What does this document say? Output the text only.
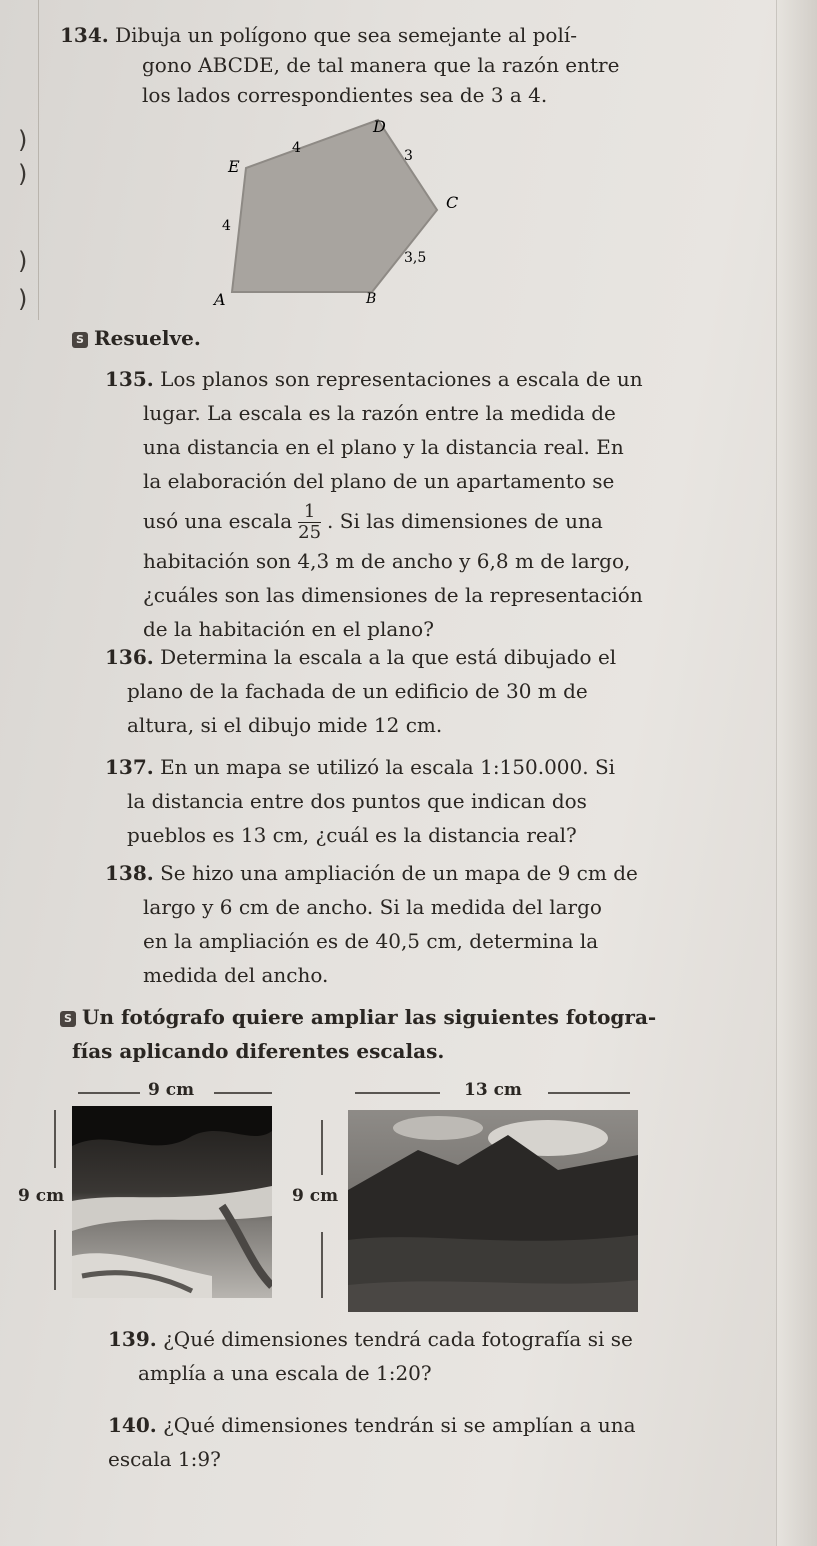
)
)
)
)
134. Dibuja un polígono que sea semejante al polí-
gono ABCDE, de tal manera que la razón entre
los lados correspondientes sea de 3 a 4.
A	B
C
D
E
4	3
3,5
4
S Resuelve.
135. Los planos son representaciones a escala de un
lugar. La escala es la razón entre la medida de
una distancia en el plano y la distancia real. En
la elaboración del plano de un apartamento se
usó una escala $\frac{1}{25}$ . Si las dimensiones de una
habitación son 4,3 m de ancho y 6,8 m de largo,
¿cuáles son las dimensiones de la representación
de la habitación en el plano?
136. Determina la escala a la que está dibujado el
plano de la fachada de un edificio de 30 m de
altura, si el dibujo mide 12 cm.
137. En un mapa se utilizó la escala 1:150.000. Si
la distancia entre dos puntos que indican dos
pueblos es 13 cm, ¿cuál es la distancia real?
138. Se hizo una ampliación de un mapa de 9 cm de
largo y 6 cm de ancho. Si la medida del largo
en la ampliación es de 40,5 cm, determina la
medida del ancho.
S Un fotógrafo quiere ampliar las siguientes fotogra-
fías aplicando diferentes escalas.
9 cm
9 cm
13 cm
9 cm
139. ¿Qué dimensiones tendrá cada fotografía si se
amplía a una escala de 1:20?
140. ¿Qué dimensiones tendrán si se amplían a una
escala 1:9?
